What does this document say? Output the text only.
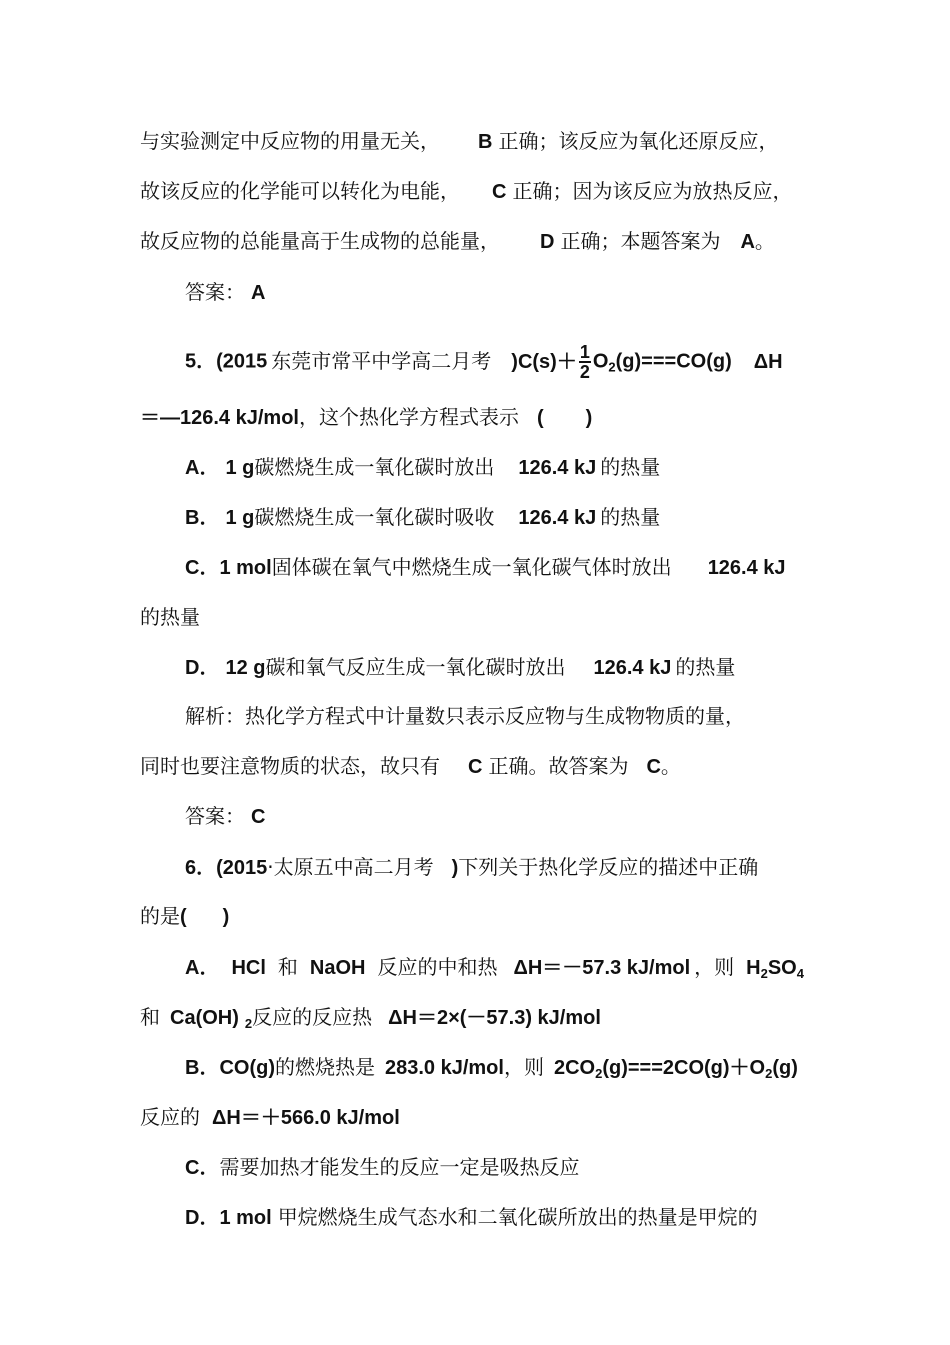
与实验测定中反应物的用量无关， B 正确；该反应为氧化还原反应，
故该反应的化学能可以转化为电能， C 正确；因为该反应为放热反应，
故反应物的总能量高于生成物的总能量， D 正确；本题答案为 A。
答案： A
5．(2015 东莞市常平中学高二月考 )$C(s)+ \frac{1}{2} O_2(g)===CO(g)$ ΔH
＝—126.4 kJ/mol，这个热化学方程式表示 ( )
A． 1 g碳燃烧生成一氧化碳时放出 126.4 kJ 的热量
B． 1 g碳燃烧生成一氧化碳时吸收 126.4 kJ 的热量
C．1 mol固体碳在氧气中燃烧生成一氧化碳气体时放出 126.4 kJ
的热量
D． 12 g碳和氧气反应生成一氧化碳时放出 126.4 kJ 的热量
解析：热化学方程式中计量数只表示反应物与生成物物质的量，
同时也要注意物质的状态，故只有 C 正确。故答案为 C。
答案： C
6．(2015·太原五中高二月考 )下列关于热化学反应的描述中正确
的是( )
A． HCl 和 NaOH 反应的中和热 ΔH＝－57.3 kJ/mol ，则 $H_2SO_4$
和 Ca(OH) $_2$反应的反应热 ΔH＝2×(－57.3) kJ/mol
B．CO(g)的燃烧热是 283.0 kJ/mol，则 $2CO_2(g)===2CO(g)+O_2(g)$
反应的 ΔH＝＋566.0 kJ/mol
C．需要加热才能发生的反应一定是吸热反应
D．1 mol 甲烷燃烧生成气态水和二氧化碳所放出的热量是甲烷的
